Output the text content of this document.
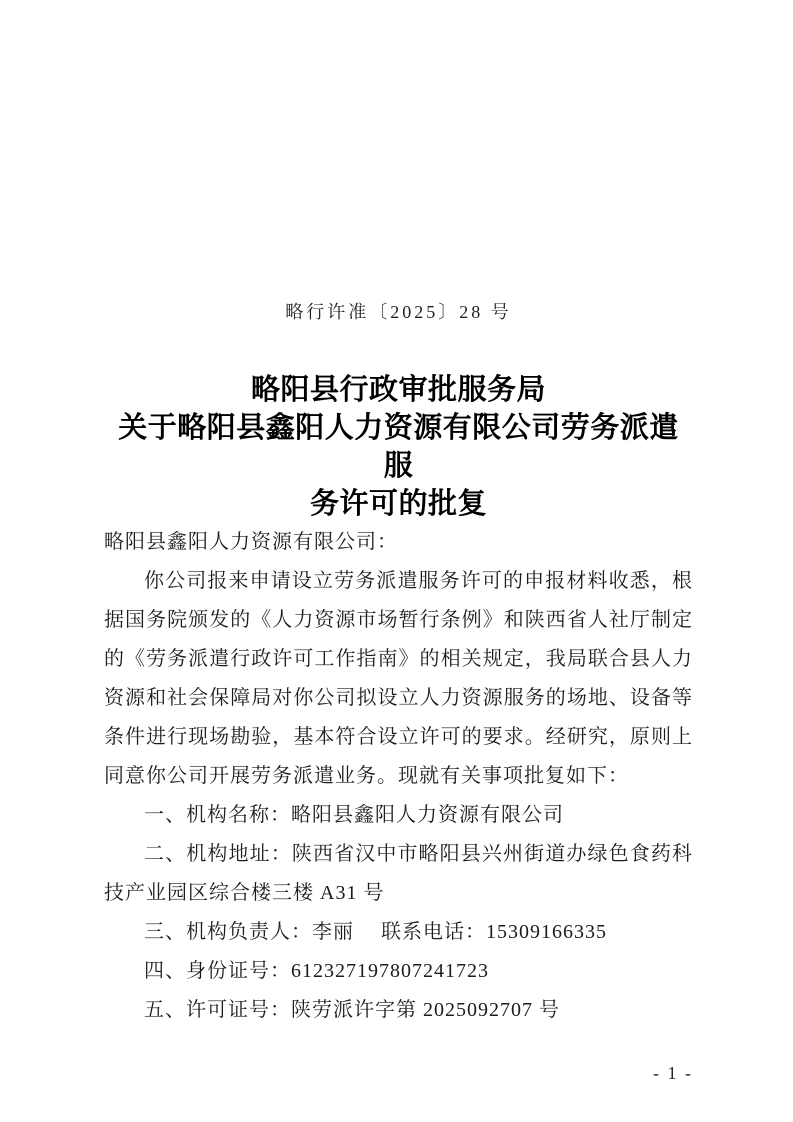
略行许准〔2025〕28 号
略阳县行政审批服务局
关于略阳县鑫阳人力资源有限公司劳务派遣服
务许可的批复
略阳县鑫阳人力资源有限公司：
你公司报来申请设立劳务派遣服务许可的申报材料收悉，根
据国务院颁发的《人力资源市场暂行条例》和陕西省人社厅制定
的《劳务派遣行政许可工作指南》的相关规定，我局联合县人力
资源和社会保障局对你公司拟设立人力资源服务的场地、设备等
条件进行现场勘验，基本符合设立许可的要求。经研究，原则上
同意你公司开展劳务派遣业务。现就有关事项批复如下：
一、机构名称：略阳县鑫阳人力资源有限公司
二、机构地址：陕西省汉中市略阳县兴州街道办绿色食药科
技产业园区综合楼三楼 A31 号
三、机构负责人：李丽　 联系电话：15309166335
四、身份证号：612327197807241723
五、许可证号：陕劳派许字第 2025092707 号
- 1 -
